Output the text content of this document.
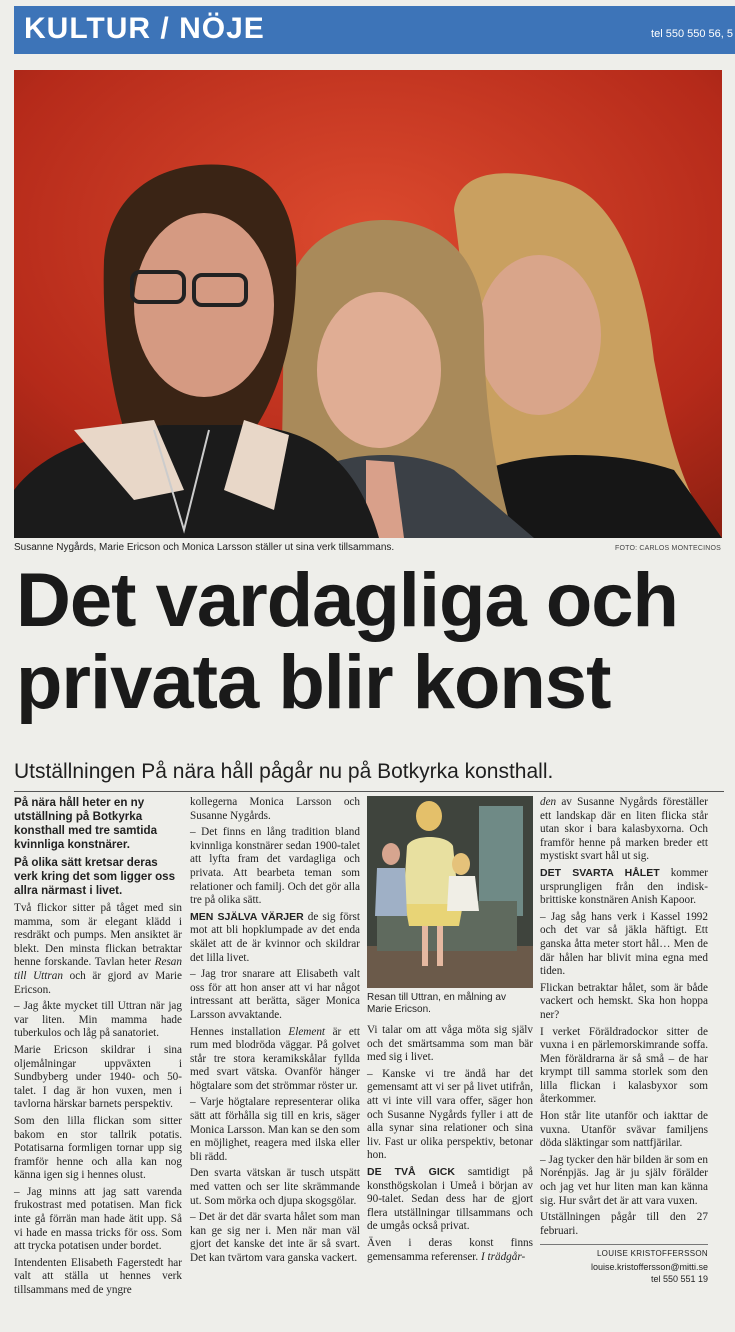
KULTUR / NÖJE	tel 550 550 56, 5
Susanne Nygårds, Marie Ericson och Monica Larsson ställer ut sina verk tillsammans.	FOTO: CARLOS MONTECINOS
Det vardagliga och
privata blir konst
Utställningen På nära håll pågår nu på Botkyrka konsthall.

På nära håll heter en ny utställning på Botkyrka konsthall med tre samtida kvinnliga konstnärer.

På olika sätt kretsar deras verk kring det som ligger oss allra närmast i livet.

Två flickor sitter på tåget med sin mamma, som är elegant klädd i resdräkt och pumps. Men ansiktet är blekt. Den minsta flickan betraktar henne forskande. Tavlan heter Resan till Uttran och är gjord av Marie Ericson.

– Jag åkte mycket till Uttran när jag var liten. Min mamma hade tuberkulos och låg på sanatoriet.

Marie Ericson skildrar i sina oljemålningar uppväxten i Sundbyberg under 1940- och 50-talet. I dag är hon vuxen, men i tavlorna härskar barnets perspektiv.

Som den lilla flickan som sitter bakom en stor tallrik potatis. Potatisarna formligen tornar upp sig framför henne och alla kan nog känna igen sig i hennes olust.

– Jag minns att jag satt varenda frukostrast med potatisen. Man fick inte gå förrän man hade ätit upp. Så vi hade en massa tricks för oss. Som att trycka potatisen under bordet.

Intendenten Elisabeth Fagerstedt har valt att ställa ut hennes verk tillsammans med de yngre

kollegerna Monica Larsson och Susanne Nygårds.

– Det finns en lång tradition bland kvinnliga konstnärer sedan 1900-talet att lyfta fram det vardagliga och privata. Att bearbeta teman som relationer och familj. Och det gör alla tre på olika sätt.

MEN SJÄLVA VÄRJER de sig först mot att bli hopklumpade av det enda skälet att de är kvinnor och skildrar det lilla livet.

– Jag tror snarare att Elisabeth valt oss för att hon anser att vi har något intressant att berätta, säger Monica Larsson avvaktande.

Hennes installation Element är ett rum med blodröda väggar. På golvet står tre stora keramikskålar fyllda med svart vätska. Ovanför hänger högtalare som det strömmar röster ur.

– Varje högtalare representerar olika sätt att förhålla sig till en kris, säger Monica Larsson. Man kan se den som en möjlighet, reagera med ilska eller bli rädd.

Den svarta vätskan är tusch utspätt med vatten och ser lite skrämmande ut. Som mörka och djupa skogsgölar.

– Det är det där svarta hålet som man kan ge sig ner i. Men när man väl gjort det kanske det inte är så svart. Det kan tvärtom vara ganska vackert.

Resan till Uttran, en målning av Marie Ericson.

Vi talar om att våga möta sig själv och det smärtsamma som man bär med sig i livet.

– Kanske vi tre ändå har det gemensamt att vi ser på livet utifrån, att vi inte vill vara offer, säger hon och Susanne Nygårds fyller i att de alla synar sina relationer och sina liv. Fast ur olika perspektiv, betonar hon.

DE TVÅ GICK samtidigt på konsthögskolan i Umeå i början av 90-talet. Sedan dess har de gjort flera utställningar tillsammans och de umgås också privat.

Även i deras konst finns gemensamma referenser. I trädgår-

den av Susanne Nygårds föreställer ett landskap där en liten flicka står utan skor i bara kalasbyxorna. Och framför henne på marken breder ett mystiskt svart hål ut sig.

DET SVARTA HÅLET kommer ursprungligen från den indisk-brittiske konstnären Anish Kapoor.

– Jag såg hans verk i Kassel 1992 och det var så jäkla häftigt. Ett ganska åtta meter stort hål… Men de där hålen har blivit mina egna med tiden.

Flickan betraktar hålet, som är både vackert och hemskt. Ska hon hoppa ner?

I verket Föräldradockor sitter de vuxna i en pärlemorskimrande soffa. Men föräldrarna är så små – de har krympt till samma storlek som den lilla flickan i kalasbyxor som återkommer.

Hon står lite utanför och iakttar de vuxna. Utanför svävar familjens döda släktingar som nattfjärilar.

– Jag tycker den här bilden är som en Norénpjäs. Jag är ju själv förälder och jag vet hur liten man kan känna sig. Hur svårt det är att vara vuxen.

Utställningen pågår till den 27 februari.

LOUISE KRISTOFFERSSON
louise.kristoffersson@mitti.se
tel 550 551 19
